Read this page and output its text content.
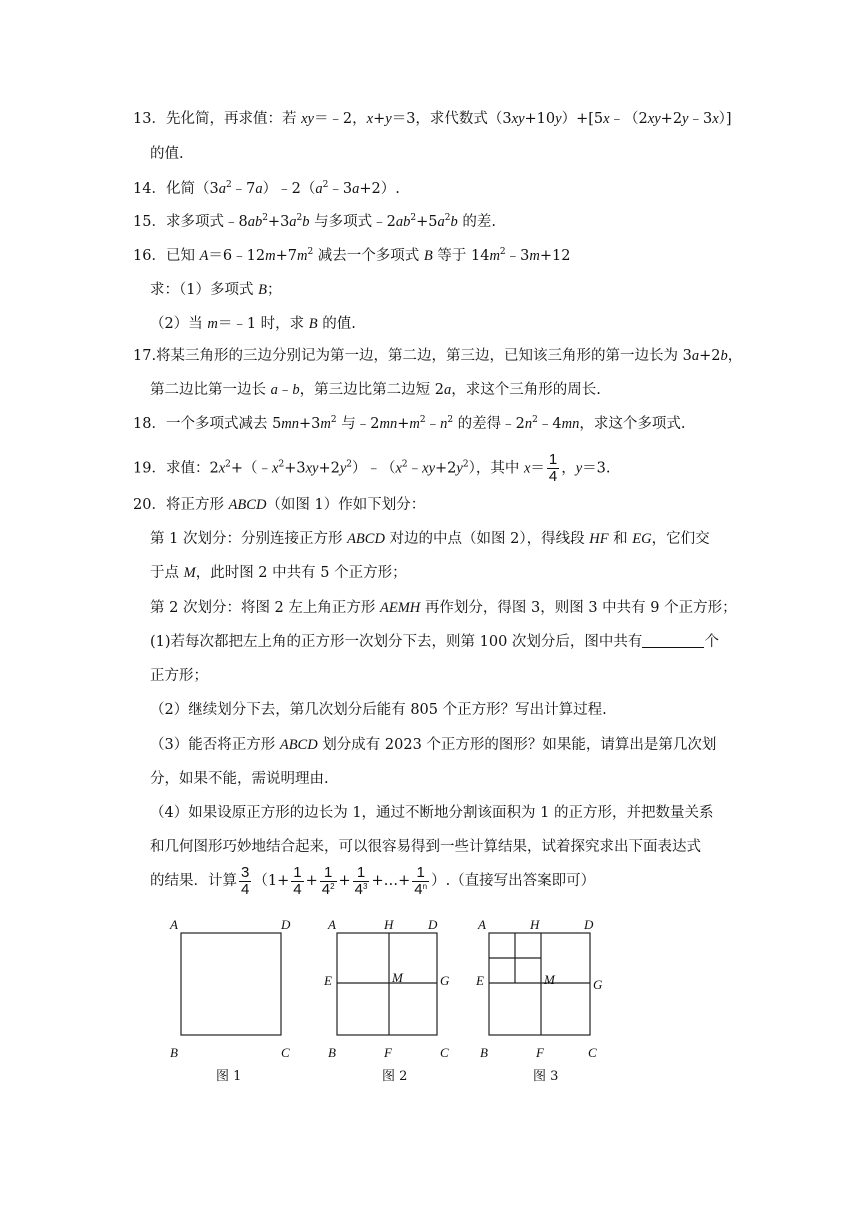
13．先化简，再求值：若 xy＝﹣2，x+y＝3，求代数式（3xy+10y）+[5x﹣（2xy+2y﹣3x）]
的值.
14．化简$(3a^2﹣7a)﹣2(a^2﹣3a+2)$.
15．求多项式$﹣8ab^2+3a^2b$ 与多项式$﹣2ab^2+5a^2b$ 的差.
16．已知 $A=6﹣12m+7m^2$ 减去一个多项式 B 等于 $14m^2﹣3m+12$
求：（1）多项式 B；
（2）当 m＝﹣1 时，求 B 的值.
17.将某三角形的三边分别记为第一边，第二边，第三边，已知该三角形的第一边长为 3a+2b，
第二边比第一边长 a﹣b，第三边比第二边短 2a，求这个三角形的周长.
18．一个多项式减去 $5mn+3m^2$ 与$﹣2mn+m^2﹣n^2$ 的差得$﹣2n^2﹣4mn$，求这个多项式.
19．求值：$2x^2+(﹣x^2+3xy+2y^2)﹣(x^2﹣xy+2y^2)$，其中 $x= \frac{1}{4}$ ，y＝3.
20．将正方形 ABCD（如图 1）作如下划分：
第 1 次划分：分别连接正方形 ABCD 对边的中点（如图 2），得线段 HF 和 EG，它们交
于点 M，此时图 2 中共有 5 个正方形；
第 2 次划分：将图 2 左上角正方形 AEMH 再作划分，得图 3，则图 3 中共有 9 个正方形；
(1)若每次都把左上角的正方形一次划分下去，则第 100 次划分后，图中共有	个
正方形；
（2）继续划分下去，第几次划分后能有 805 个正方形？写出计算过程.
（3）能否将正方形 ABCD 划分成有 2023 个正方形的图形？如果能，请算出是第几次划
分，如果不能，需说明理由.
（4）如果设原正方形的边长为 1，通过不断地分割该面积为 1 的正方形，并把数量关系
和几何图形巧妙地结合起来，可以很容易得到一些计算结果，试着探究求出下面表达式
的结果．计算 $\frac{3}{4} (1+ \frac{1}{4} + \frac{1}{4^2} + \frac{1}{4^3}$ +…+ $\frac{1}{4^n}$ ）.（直接写出答案即可）
A	D
B	C
图 1
A	H	D
E	M	G
B	F	C
图 2
A	H	D
E	M	G
B	F	C
图 3
